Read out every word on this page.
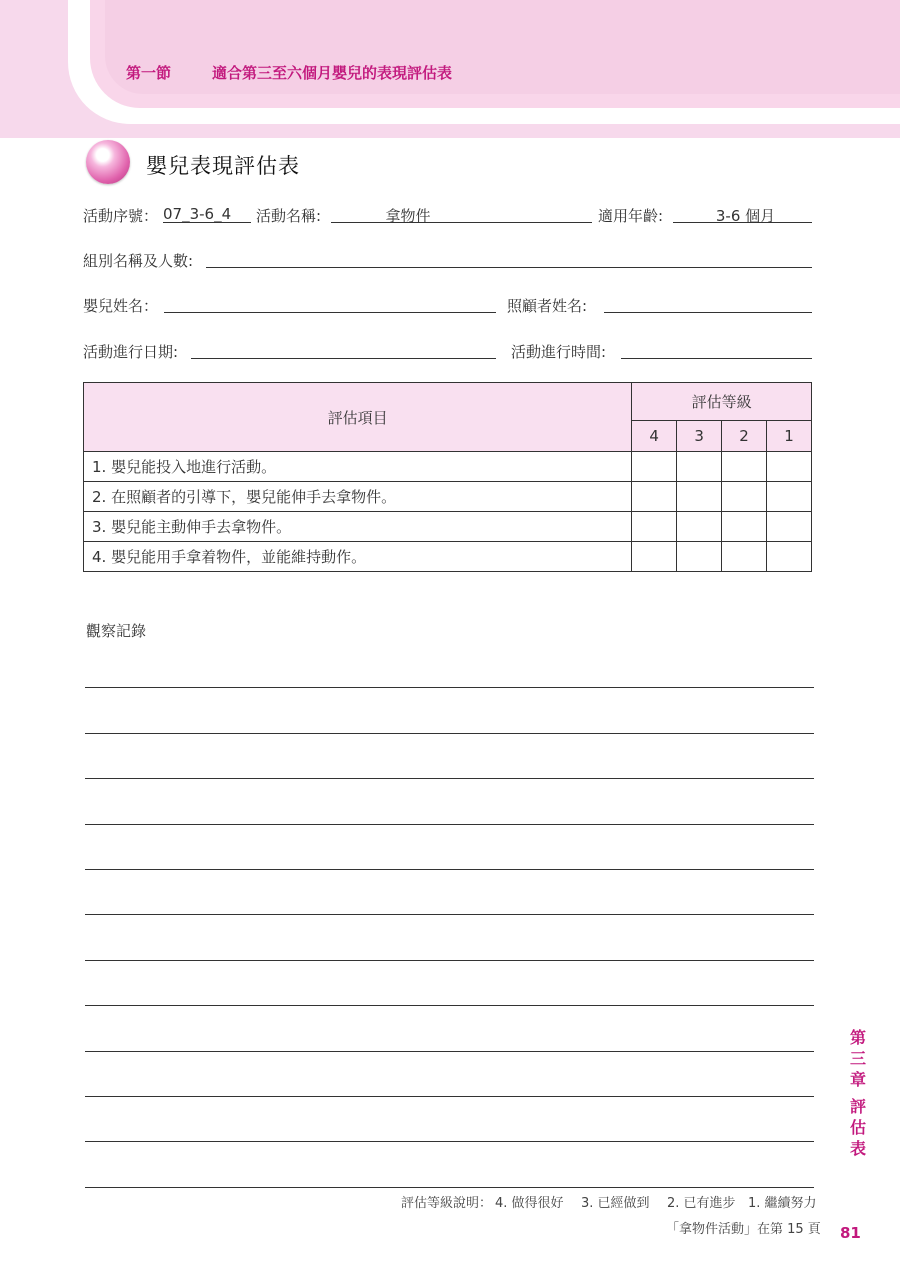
第一節	適合第三至六個月嬰兒的表現評估表
嬰兒表現評估表
活動序號： 07_3-6_4	活動名稱:	拿物件	適用年齡:	3-6 個月
組別名稱及人數:
嬰兒姓名：	照顧者姓名:
活動進行日期:	活動進行時間:
評估項目	評估等級			
	4	3	2	1
1. 嬰兒能投入地進行活動。				
2. 在照顧者的引導下，嬰兒能伸手去拿物件。				
3. 嬰兒能主動伸手去拿物件。				
4. 嬰兒能用手拿着物件，並能維持動作。				
觀察記錄
第
三
章
評
估
表
評估等級說明： 4. 做得很好 3. 已經做到 2. 已有進步 1. 繼續努力
「拿物件活動」在第 15 頁 81
